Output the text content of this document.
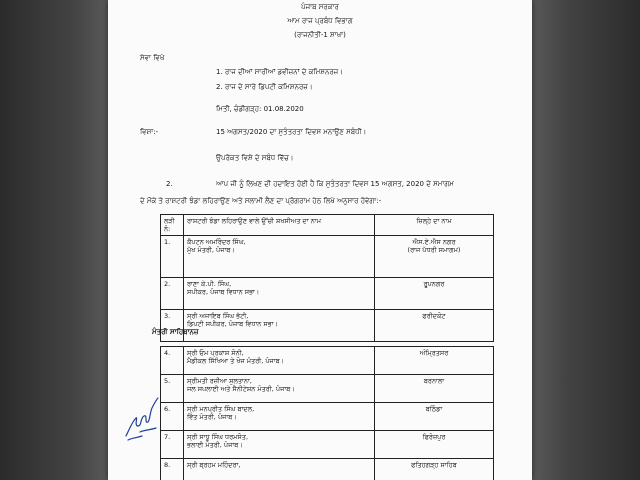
ਪੰਜਾਬ ਸਰਕਾਰ
ਆਮ ਰਾਜ ਪ੍ਰਬੰਧ ਵਿਭਾਗ
(ਰਾਜਨੀਤੀ-1 ਸ਼ਾਖਾ)
ਸੇਵਾ ਵਿਖੇ
1. ਰਾਜ ਦੀਆਂ ਸਾਰੀਆਂ ਡਵੀਜ਼ਨਾਂ ਦੇ ਕਮਿਸ਼ਨਰਜ਼।
2. ਰਾਜ ਦੇ ਸਾਰੇ ਡਿਪਟੀ ਕਮਿਸ਼ਨਰਜ਼।
ਮਿਤੀ, ਚੰਡੀਗੜ੍ਹ: 01.08.2020
ਵਿਸ਼ਾ:-	15 ਅਗਸਤ/2020 ਦਾ ਸੁਤੰਤਰਤਾ ਦਿਵਸ ਮਨਾਉਣ ਸਬੰਧੀ।
ਉਪਰੋਕਤ ਵਿਸ਼ੇ ਦੇ ਸਬੰਧ ਵਿੱਚ।
2.	ਆਪ ਜੀ ਨੂੰ ਲਿਖਣ ਦੀ ਹਦਾਇਤ ਹੋਈ ਹੈ ਕਿ ਸੁਤੰਤਰਤਾ ਦਿਵਸ 15 ਅਗਸਤ, 2020 ਦੇ ਸਮਾਗਮ
ਦੇ ਮੌਕੇ ਤੇ ਰਾਸ਼ਟਰੀ ਝੰਡਾ ਲਹਿਰਾਉਣ ਅਤੇ ਸਲਾਮੀ ਲੈਣ ਦਾ ਪ੍ਰੋਗਰਾਮ ਹੇਠ ਲਿਖੇ ਅਨੁਸਾਰ ਹੋਵੇਗਾ:-
ਲੜੀ ਨੰ:	ਰਾਸ਼ਟਰੀ ਝੰਡਾ ਲਹਿਰਾਉਣ ਵਾਲੇ ਉੱਚੀ ਸ਼ਖਸੀਅਤ ਦਾ ਨਾਮ	ਜ਼ਿਲ੍ਹੇ ਦਾ ਨਾਮ
1.	ਕੈਪਟਨ ਅਮਰਿੰਦਰ ਸਿੰਘ,
ਮੁੱਖ ਮੰਤਰੀ, ਪੰਜਾਬ।	ਐਸ.ਏ.ਐਸ ਨਗਰ
(ਰਾਜ ਪੱਧਰੀ ਸਮਾਗਮ)

2.	ਰਾਣਾ ਕੇ.ਪੀ. ਸਿੰਘ,
ਸਪੀਕਰ, ਪੰਜਾਬ ਵਿਧਾਨ ਸਭਾ।	ਰੂਪਨਗਰ
3.	ਸ੍ਰੀ ਅਜਾਇਬ ਸਿੰਘ ਭੱਟੀ,
ਡਿਪਟੀ ਸਪੀਕਰ, ਪੰਜਾਬ ਵਿਧਾਨ ਸਭਾ।	ਫਰੀਦਕੋਟ
ਮੰਤਰੀ ਸਾਹਿਬਾਨਜ਼
4.	ਸ੍ਰੀ ਓਮ ਪ੍ਰਕਾਸ਼ ਸੋਨੀ,
ਮੈਡੀਕਲ ਸਿੱਖਿਆ ਤੇ ਖੋਜ ਮੰਤਰੀ, ਪੰਜਾਬ।	ਅੰਮ੍ਰਿਤਸਰ
5.	ਸ੍ਰੀਮਤੀ ਰਜ਼ੀਆ ਸੁਲਤਾਨਾ,
ਜਲ ਸਪਲਾਈ ਅਤੇ ਸੈਨੀਟੇਸ਼ਨ ਮੰਤਰੀ, ਪੰਜਾਬ।	ਬਰਨਾਲਾ
6.	ਸ੍ਰੀ ਮਨਪ੍ਰੀਤ ਸਿੰਘ ਬਾਦਲ,
ਵਿੱਤ ਮੰਤਰੀ, ਪੰਜਾਬ।	ਬਠਿੰਡਾ
7.	ਸ੍ਰੀ ਸਾਧੂ ਸਿੰਘ ਧਰਮਸੋਤ,
ਭਲਾਈ ਮੰਤਰੀ, ਪੰਜਾਬ।	ਫਿਰੋਜ਼ਪੁਰ
8.	ਸ੍ਰੀ ਬ੍ਰਹਮ ਮਹਿੰਦਰਾ,	ਫਤਿਹਗੜ੍ਹ ਸਾਹਿਬ
